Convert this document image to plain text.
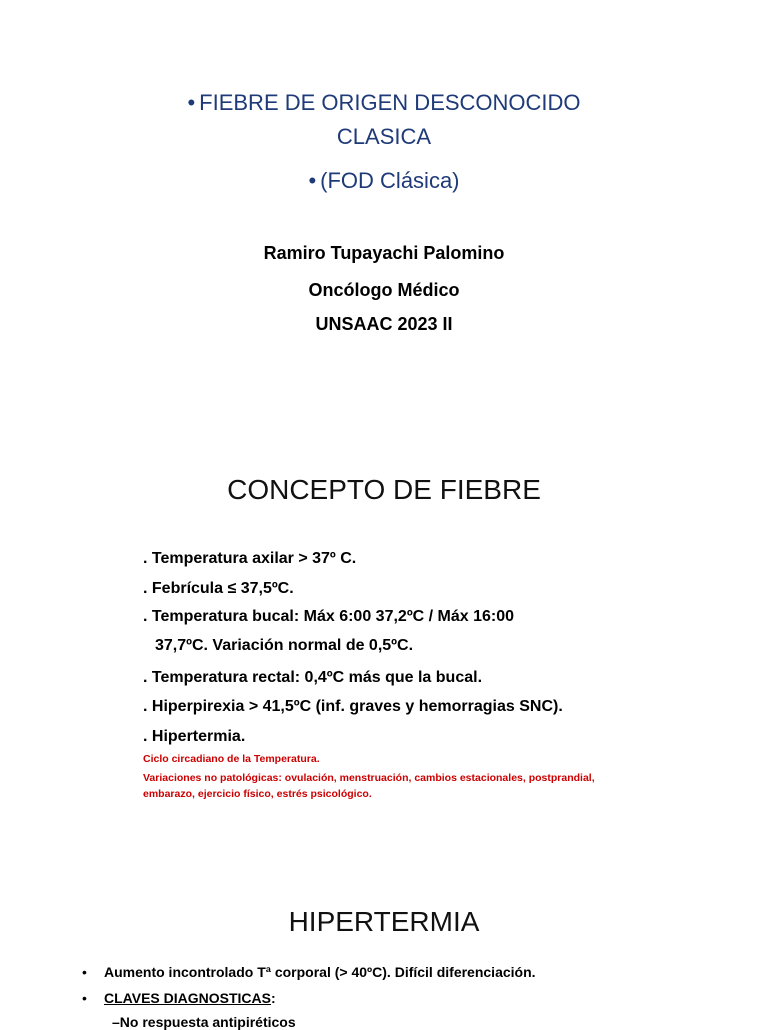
• FIEBRE DE ORIGEN DESCONOCIDO
CLASICA
• (FOD Clásica)
Ramiro Tupayachi Palomino
Oncólogo Médico
UNSAAC 2023 II
CONCEPTO DE FIEBRE
. Temperatura axilar > 37º C.
. Febrícula ≤ 37,5ºC.
. Temperatura bucal: Máx 6:00 37,2ºC / Máx 16:00
37,7ºC. Variación normal de 0,5ºC.
. Temperatura rectal: 0,4ºC más que la bucal.
. Hiperpirexia > 41,5ºC (inf. graves y hemorragias SNC).
. Hipertermia.
Ciclo circadiano de la Temperatura.
Variaciones no patológicas: ovulación, menstruación, cambios estacionales, postprandial,
embarazo, ejercicio físico, estrés psicológico.
HIPERTERMIA
• Aumento incontrolado Tª corporal (> 40ºC). Difícil diferenciación.
• CLAVES DIAGNOSTICAS:
–No respuesta antipiréticos
